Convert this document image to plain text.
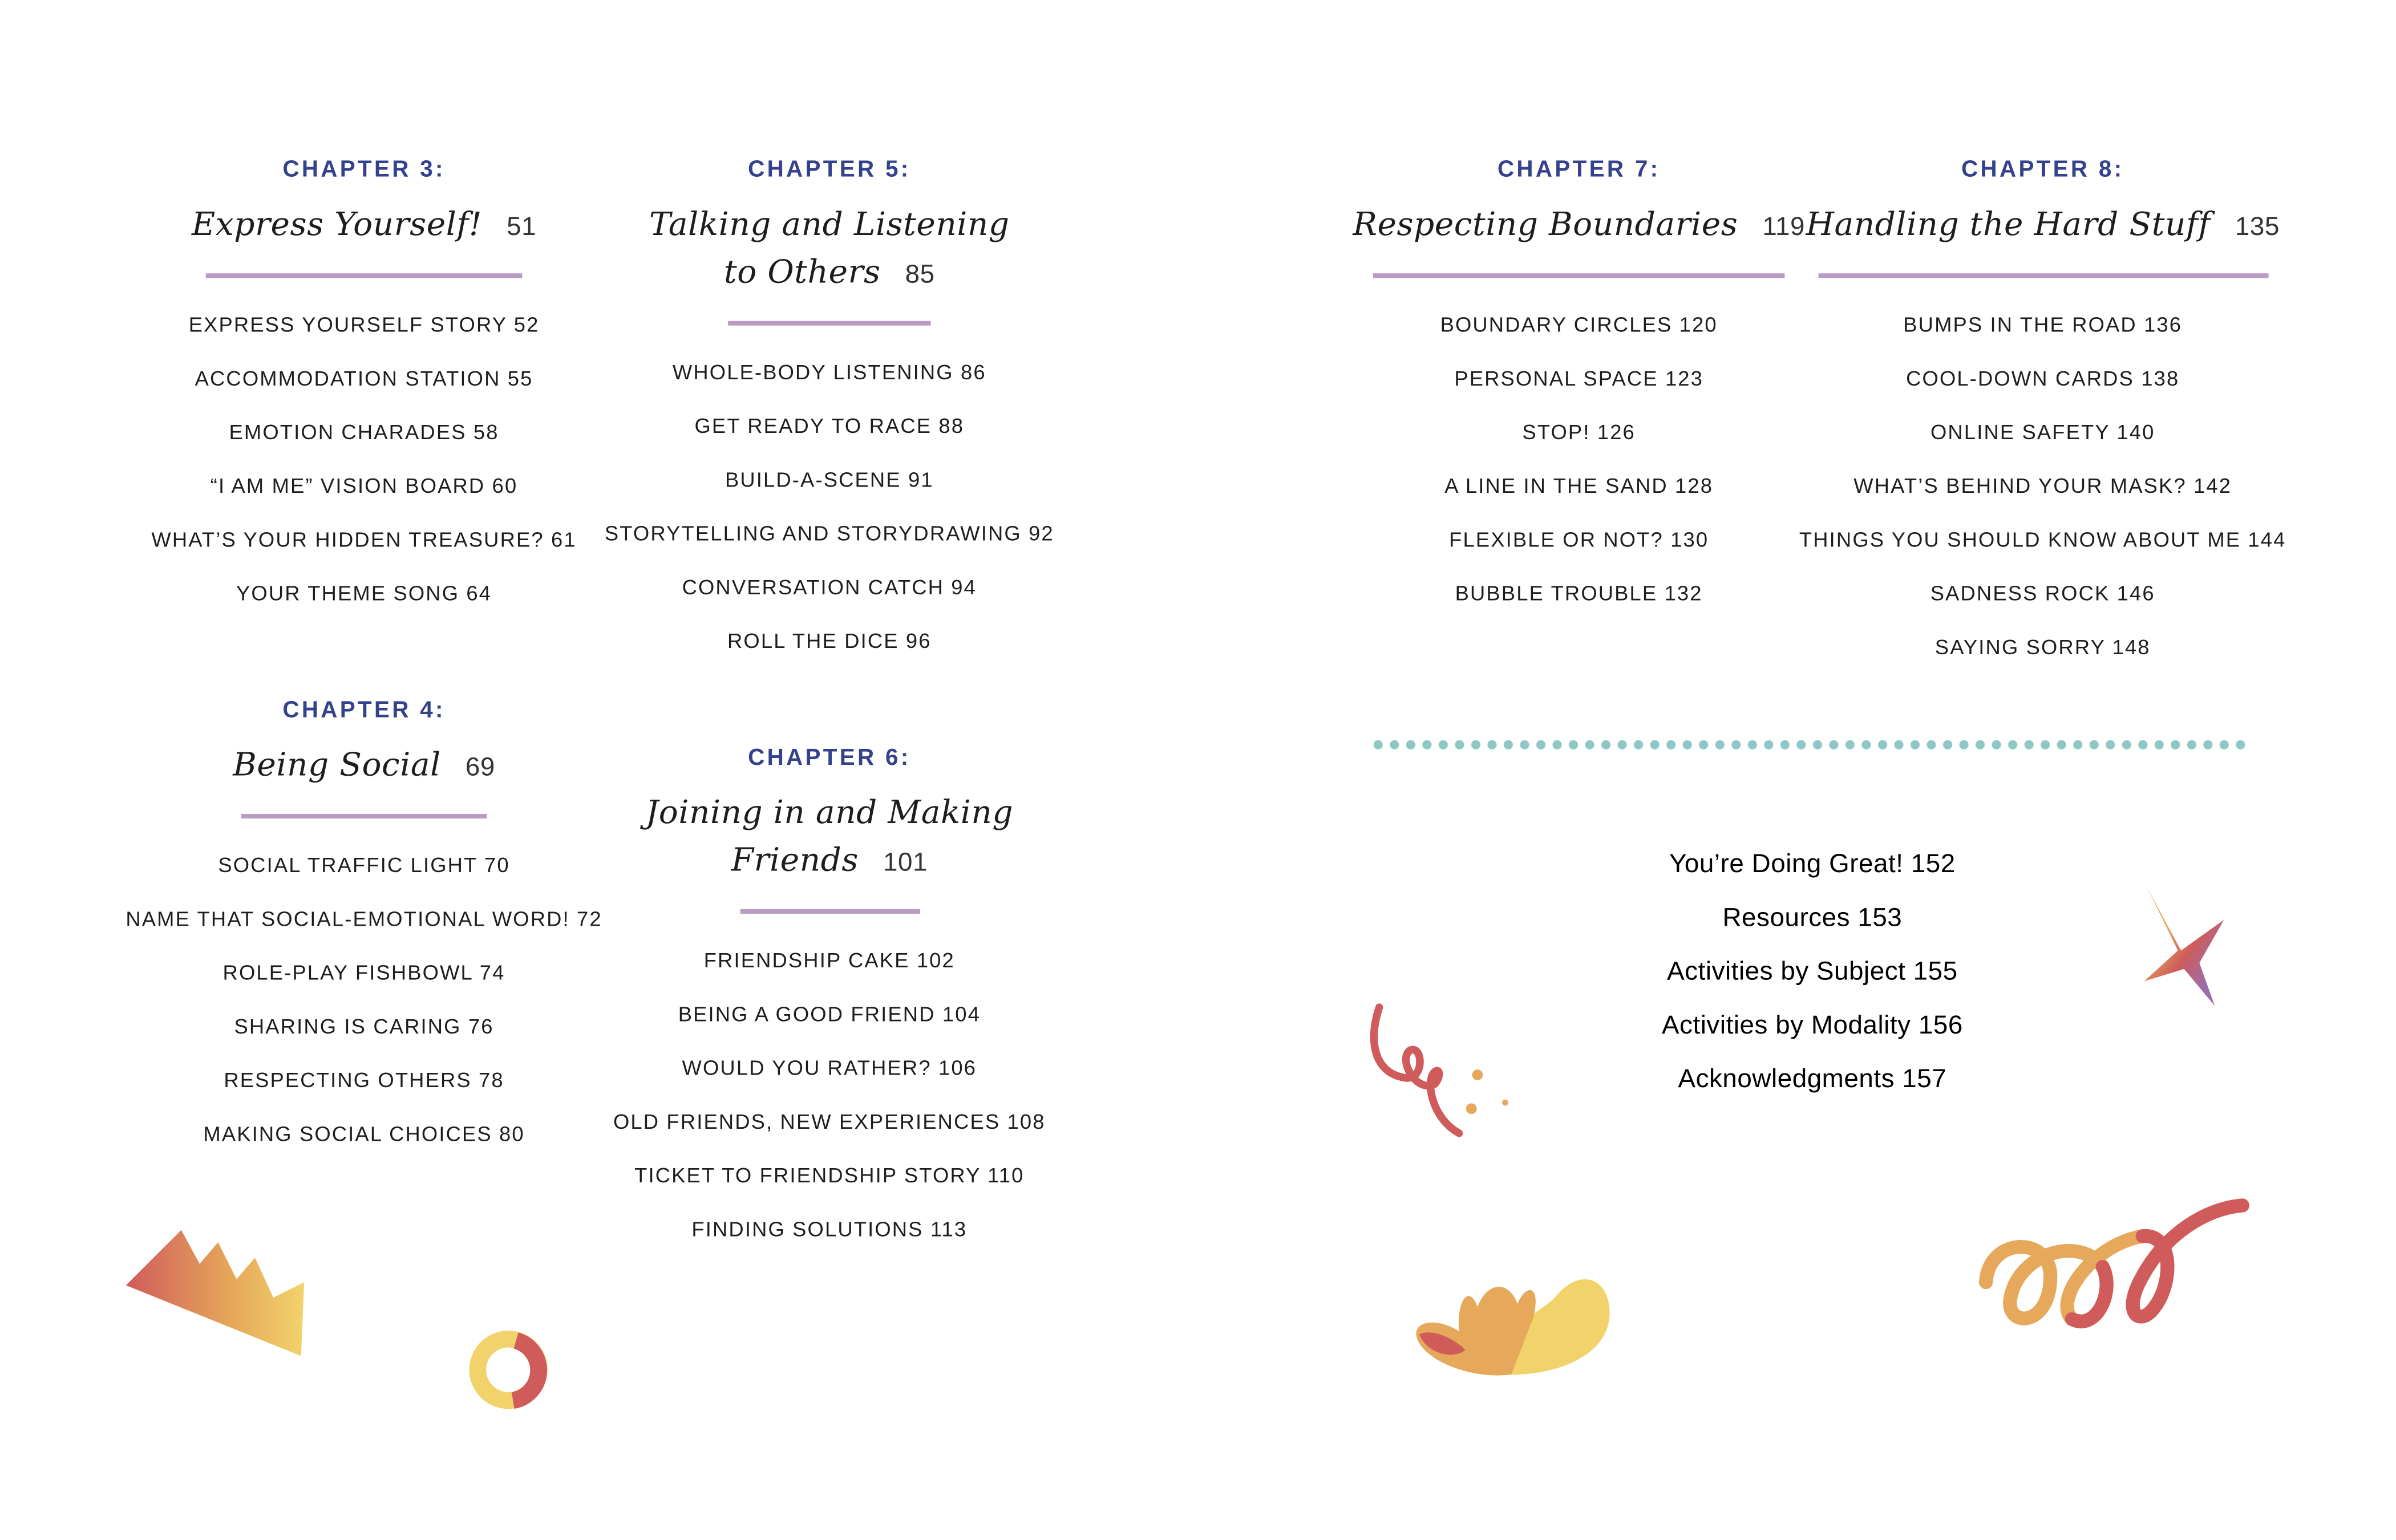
CHAPTER 3:
Express Yourself!	51
EXPRESS YOURSELF STORY 52
ACCOMMODATION STATION 55
EMOTION CHARADES 58
“I AM ME” VISION BOARD 60
WHAT’S YOUR HIDDEN TREASURE? 61
YOUR THEME SONG 64
CHAPTER 4:
Being Social	69
SOCIAL TRAFFIC LIGHT 70
NAME THAT SOCIAL-EMOTIONAL WORD! 72
ROLE-PLAY FISHBOWL 74
SHARING IS CARING 76
RESPECTING OTHERS 78
MAKING SOCIAL CHOICES 80
CHAPTER 5:
Talking and Listening
to Others	85
WHOLE-BODY LISTENING 86
GET READY TO RACE 88
BUILD-A-SCENE 91
STORYTELLING AND STORYDRAWING 92
CONVERSATION CATCH 94
ROLL THE DICE 96
CHAPTER 6:
Joining in and Making
Friends	101
FRIENDSHIP CAKE 102
BEING A GOOD FRIEND 104
WOULD YOU RATHER? 106
OLD FRIENDS, NEW EXPERIENCES 108
TICKET TO FRIENDSHIP STORY 110
FINDING SOLUTIONS 113
CHAPTER 7:
Respecting Boundaries	119
BOUNDARY CIRCLES 120
PERSONAL SPACE 123
STOP! 126
A LINE IN THE SAND 128
FLEXIBLE OR NOT? 130
BUBBLE TROUBLE 132
CHAPTER 8:
Handling the Hard Stuff	135
BUMPS IN THE ROAD 136
COOL-DOWN CARDS 138
ONLINE SAFETY 140
WHAT’S BEHIND YOUR MASK? 142
THINGS YOU SHOULD KNOW ABOUT ME 144
SADNESS ROCK 146
SAYING SORRY 148
You’re Doing Great! 152
Resources 153
Activities by Subject 155
Activities by Modality 156
Acknowledgments 157
